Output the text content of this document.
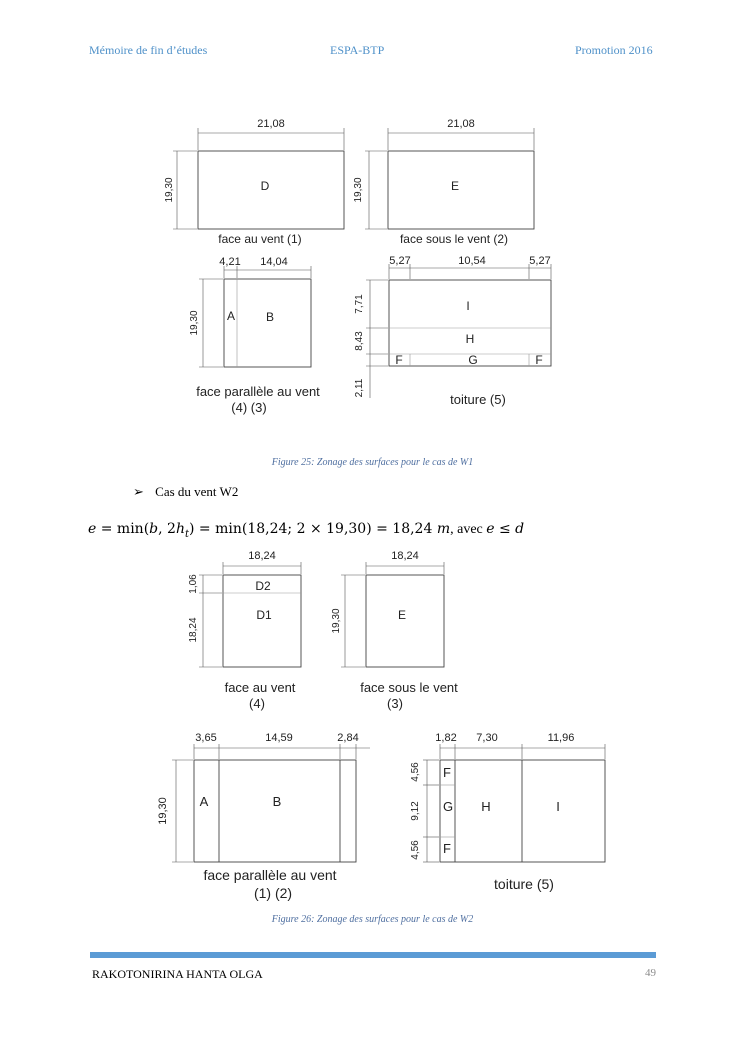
Mémoire de fin d’études	ESPA-BTP	Promotion 2016
21,08
19,30	D
face au vent (1)
21,08
19,30	E
face sous le vent (2)
4,21 14,04
19,30 A	B
face parallèle au vent
(4) (3)
5,27	10,54	5,27
7,71
8,43
2,11
I
H
F	G	F
toiture (5)
18,24
1,06
18,24
D2
D1
face au vent
(4)
18,24
19,30	E
face sous le vent
(3)
3,65	14,59	2,84
19,30 A	B
face parallèle au vent
(1) (2)
1,82 7,30	11,96
4,56
9,12
4,56
F
G
F
H	I
toiture (5)
Figure 25: Zonage des surfaces pour le cas de W1
Figure 26: Zonage des surfaces pour le cas de W2
➢ Cas du vent W2
e = min(b, $2h_t) = \min(18,24$; 2 × 19,30) = 18,24 m, avec e ≤ d
RAKOTONIRINA HANTA OLGA	49
